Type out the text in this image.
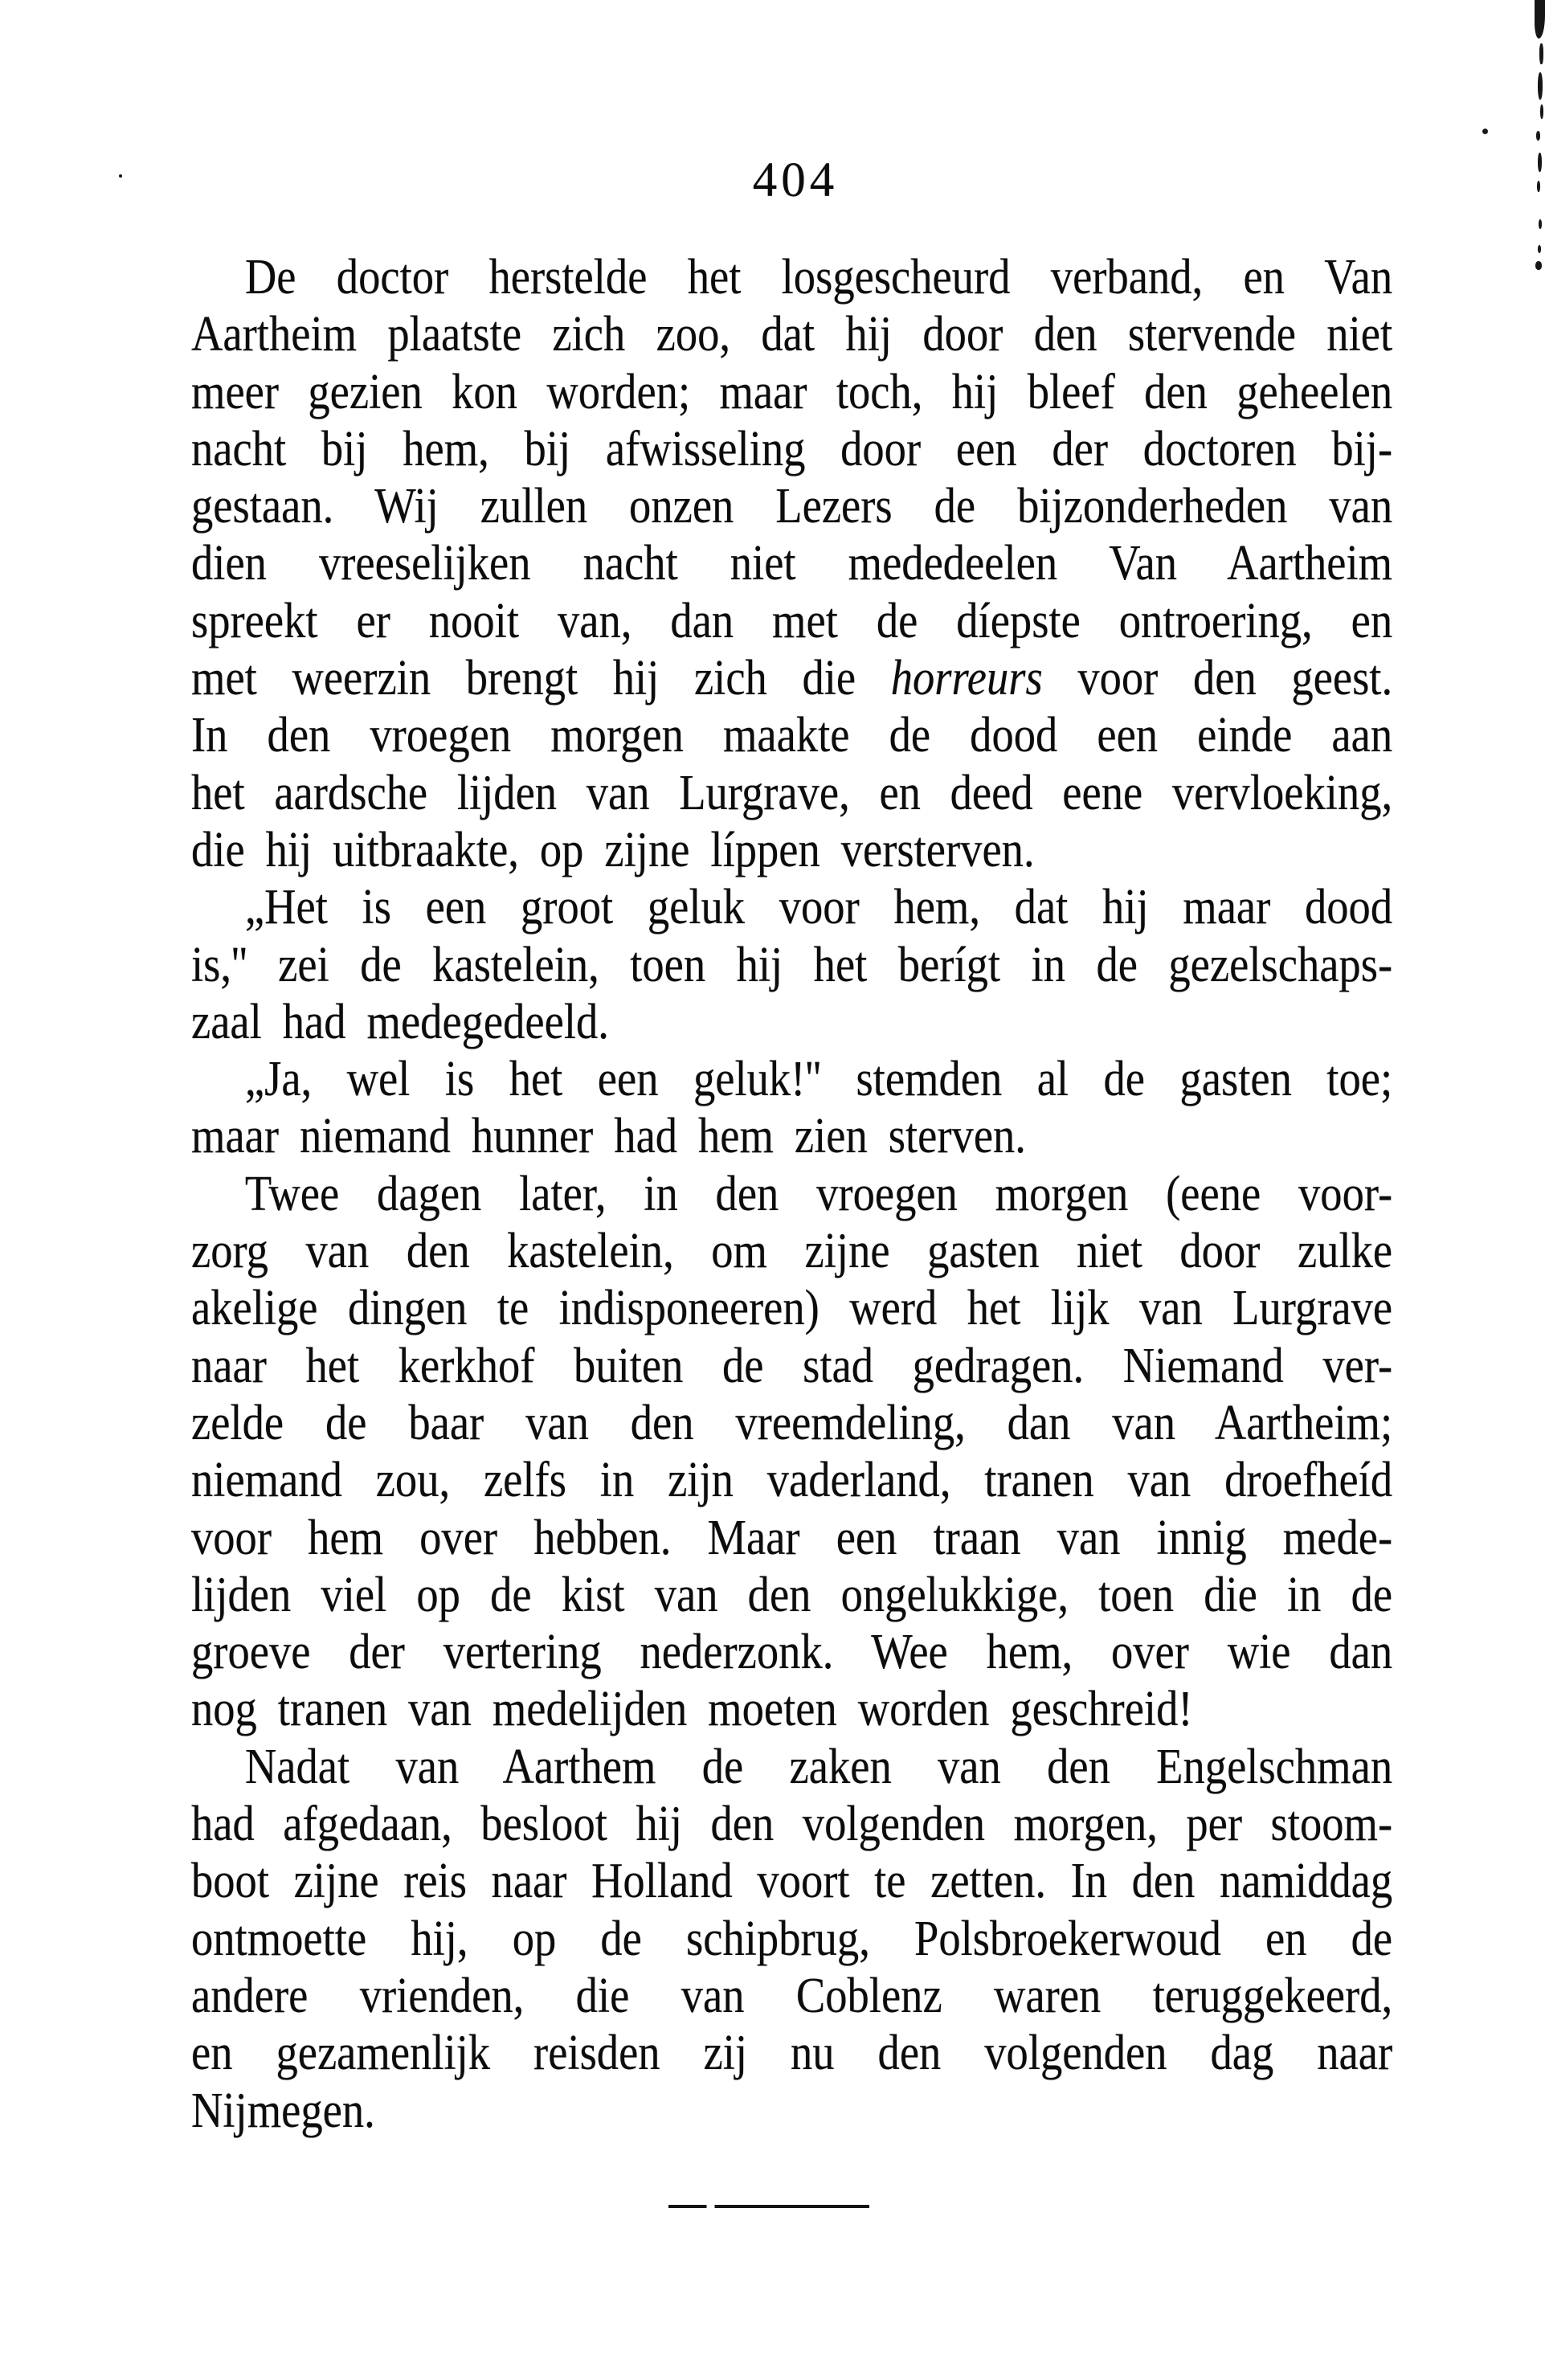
404
De doctor herstelde het losgescheurd verband, en Van
Aartheim plaatste zich zoo, dat hij door den stervende niet
meer gezien kon worden; maar toch, hij bleef den geheelen
nacht bij hem, bij afwisseling door een der doctoren bij-
gestaan. Wij zullen onzen Lezers de bijzonderheden van
dien vreeselijken nacht niet mededeelen Van Aartheim
spreekt er nooit van, dan met de díepste ontroering, en
met weerzin brengt hij zich die horreurs voor den geest.
In den vroegen morgen maakte de dood een einde aan
het aardsche lijden van Lurgrave, en deed eene vervloeking,
die hij uitbraakte, op zijne líppen versterven.
„Het is een groot geluk voor hem, dat hij maar dood
is,'' zei de kastelein, toen hij het berígt in de gezelschaps-
zaal had medegedeeld.
„Ja, wel is het een geluk!'' stemden al de gasten toe;
maar niemand hunner had hem zien sterven.
Twee dagen later, in den vroegen morgen (eene voor-
zorg van den kastelein, om zijne gasten niet door zulke
akelige dingen te indisponeeren) werd het lijk van Lurgrave
naar het kerkhof buiten de stad gedragen. Niemand ver-
zelde de baar van den vreemdeling, dan van Aartheim;
niemand zou, zelfs in zijn vaderland, tranen van droefheíd
voor hem over hebben. Maar een traan van innig mede-
lijden viel op de kist van den ongelukkige, toen die in de
groeve der vertering nederzonk. Wee hem, over wie dan
nog tranen van medelijden moeten worden geschreid!
Nadat van Aarthem de zaken van den Engelschman
had afgedaan, besloot hij den volgenden morgen, per stoom-
boot zijne reis naar Holland voort te zetten. In den namiddag
ontmoette hij, op de schipbrug, Polsbroekerwoud en de
andere vrienden, die van Coblenz waren teruggekeerd,
en gezamenlijk reisden zij nu den volgenden dag naar
Nijmegen.
